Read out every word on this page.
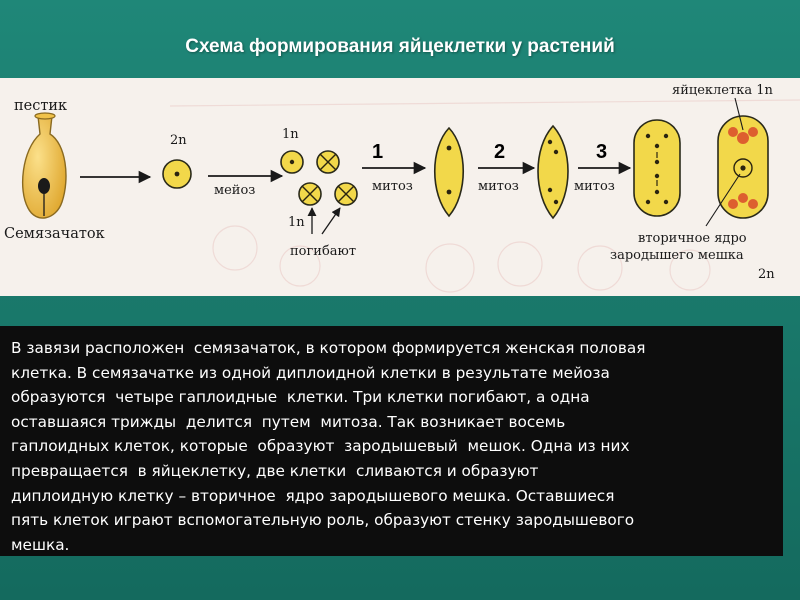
Схема формирования яйцеклетки у растений
пестик
Семязачаток
2n
мейоз
1n
1n
погибают
1
митоз
2
митоз
3
митоз
яйцеклетка 1n
вторичное ядро
зародышего мешка
2n

В завязи расположен  семязачаток, в котором формируется женская половая
клетка. В семязачатке из одной диплоидной клетки в результате мейоза
образуются  четыре гаплоидные  клетки. Три клетки погибают, а одна
оставшаяся трижды  делится  путем  митоза. Так возникает восемь
гаплоидных клеток, которые  образуют  зародышевый  мешок. Одна из них
превращается  в яйцеклетку, две клетки  сливаются и образуют
диплоидную клетку – вторичное  ядро зародышевого мешка. Оставшиеся
пять клеток играют вспомогательную роль, образуют стенку зародышевого
мешка.
